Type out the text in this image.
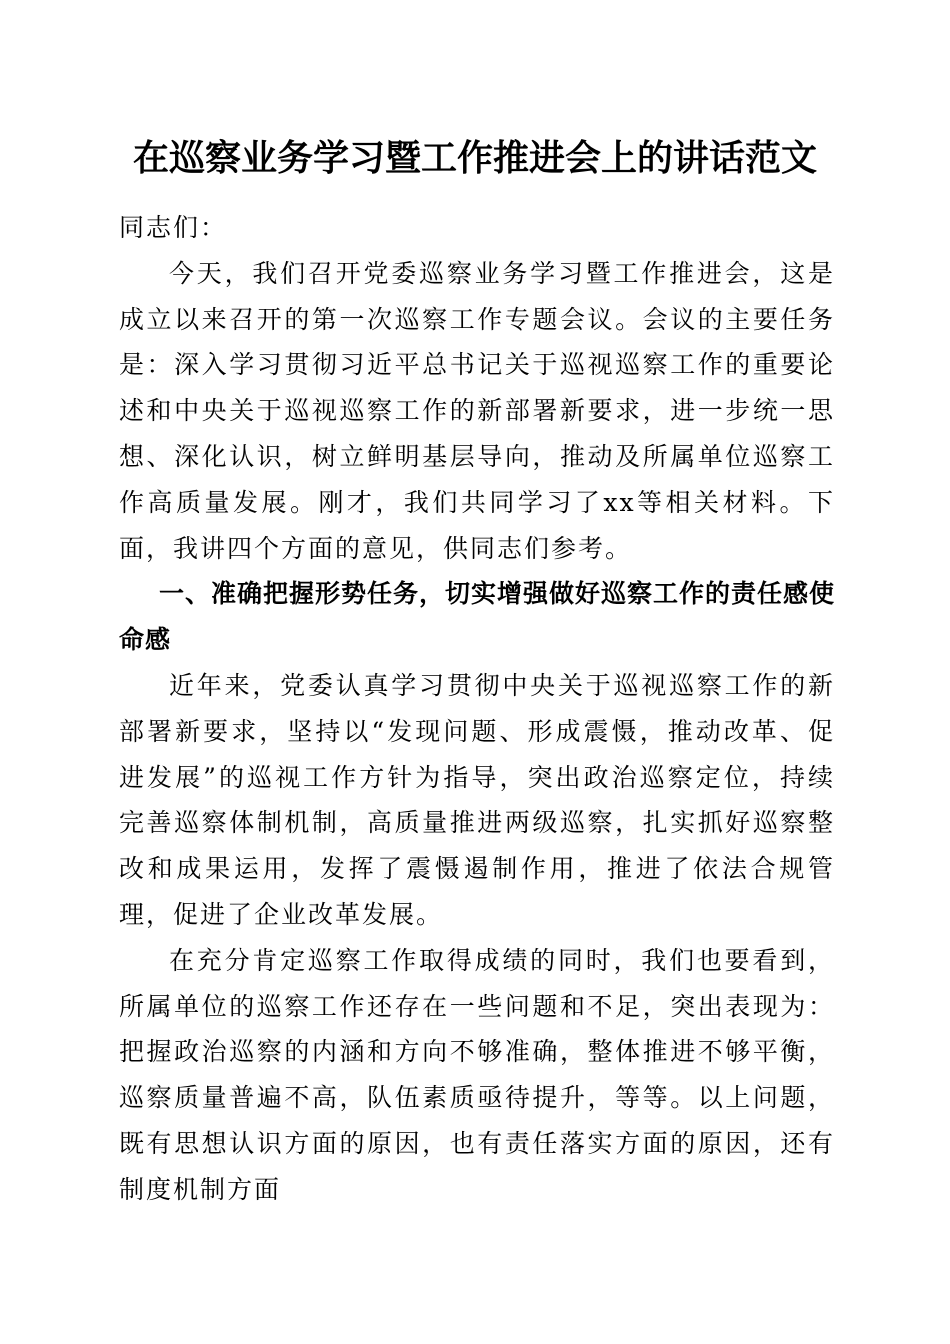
在巡察业务学习暨工作推进会上的讲话范文

同志们：

今天，我们召开党委巡察业务学习暨工作推进会，这是成立以来召开的第一次巡察工作专题会议。会议的主要任务是：深入学习贯彻习近平总书记关于巡视巡察工作的重要论述和中央关于巡视巡察工作的新部署新要求，进一步统一思想、深化认识，树立鲜明基层导向，推动及所属单位巡察工作高质量发展。刚才，我们共同学习了xx等相关材料。下面，我讲四个方面的意见，供同志们参考。

一、准确把握形势任务，切实增强做好巡察工作的责任感使命感

近年来，党委认真学习贯彻中央关于巡视巡察工作的新部署新要求，坚持以“发现问题、形成震慑，推动改革、促进发展”的巡视工作方针为指导，突出政治巡察定位，持续完善巡察体制机制，高质量推进两级巡察，扎实抓好巡察整改和成果运用，发挥了震慑遏制作用，推进了依法合规管理，促进了企业改革发展。

在充分肯定巡察工作取得成绩的同时，我们也要看到，所属单位的巡察工作还存在一些问题和不足，突出表现为：把握政治巡察的内涵和方向不够准确，整体推进不够平衡，巡察质量普遍不高，队伍素质亟待提升，等等。以上问题，既有思想认识方面的原因，也有责任落实方面的原因，还有制度机制方面
